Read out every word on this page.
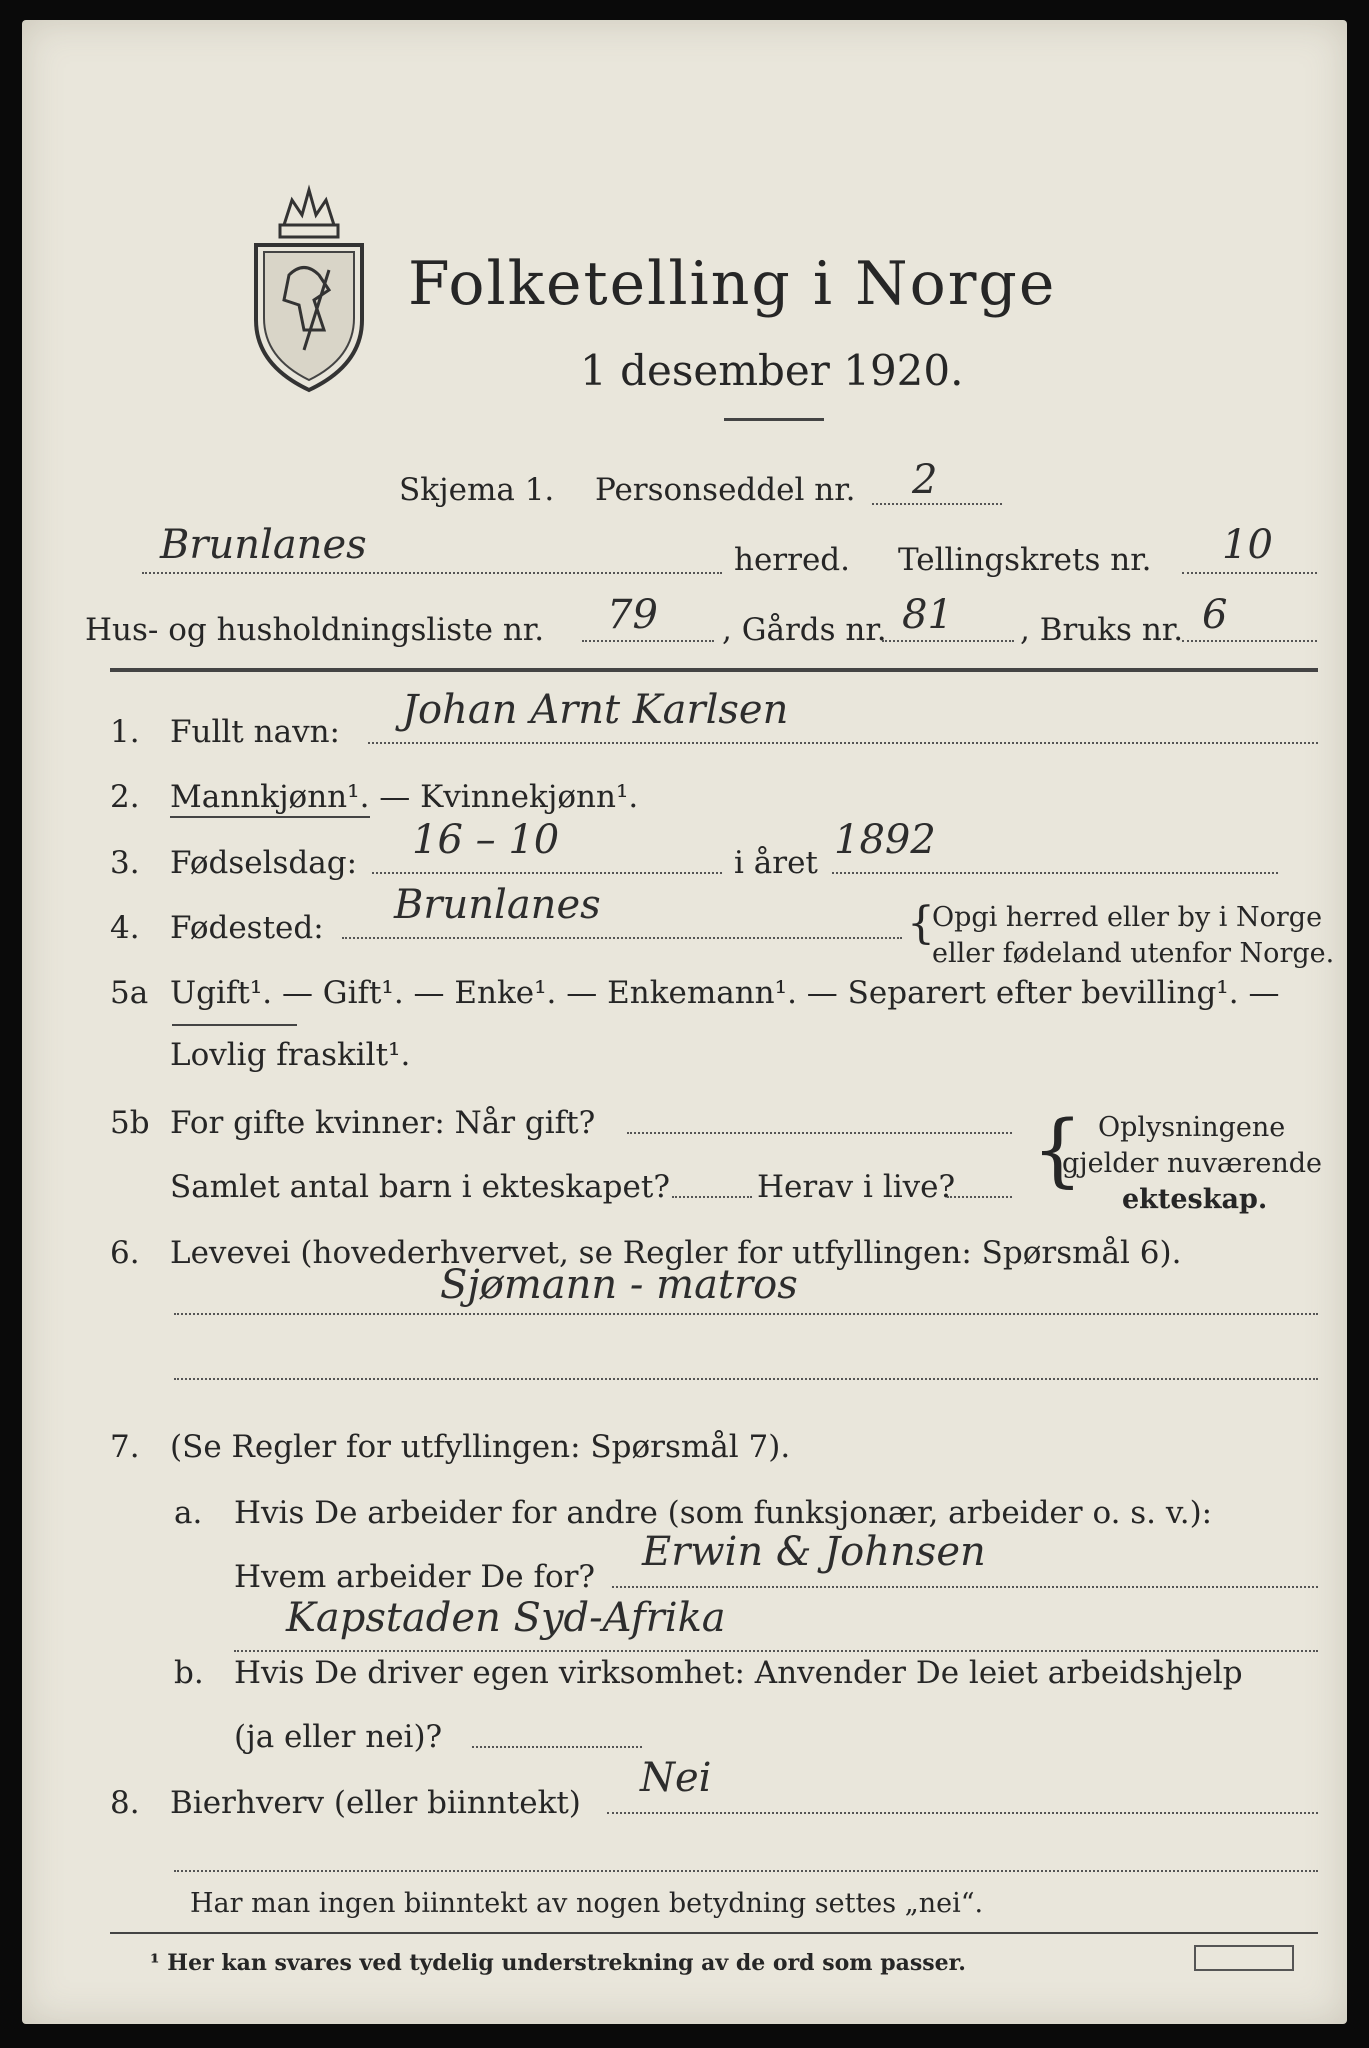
Folketelling i Norge
1 desember 1920.
Skjema 1. Personseddel nr. 2
Brunlanes	herred. Tellingskrets nr. 10
Hus- og husholdningsliste nr. 79 , Gårds nr. 81 , Bruks nr. 6
1. Fullt navn: Johan Arnt Karlsen
2. Mannkjønn¹. — Kvinnekjønn¹.
3. Fødselsdag: 16 – 10	i året 1892
4. Fødested: Brunlanes	Opgi herred eller by i Norge
eller fødeland utenfor Norge.
{
5a Ugift¹. — Gift¹. — Enke¹. — Enkemann¹. — Separert efter bevilling¹. —
Lovlig fraskilt¹.
5b For gifte kvinner: Når gift?
Samlet antal barn i ekteskapet?	Herav i live? { Oplysningene
gjelder nuværende
ekteskap.
6. Levevei (hovederhvervet, se Regler for utfyllingen: Spørsmål 6).
Sjømann - matros
7. (Se Regler for utfyllingen: Spørsmål 7).
a. Hvis De arbeider for andre (som funksjonær, arbeider o. s. v.):
Hvem arbeider De for?
Erwin & Johnsen
Kapstaden Syd-Afrika
b. Hvis De driver egen virksomhet: Anvender De leiet arbeidshjelp
(ja eller nei)?
8. Bierhverv (eller biinntekt)
Nei
Har man ingen biinntekt av nogen betydning settes „nei“.
¹ Her kan svares ved tydelig understrekning av de ord som passer.
